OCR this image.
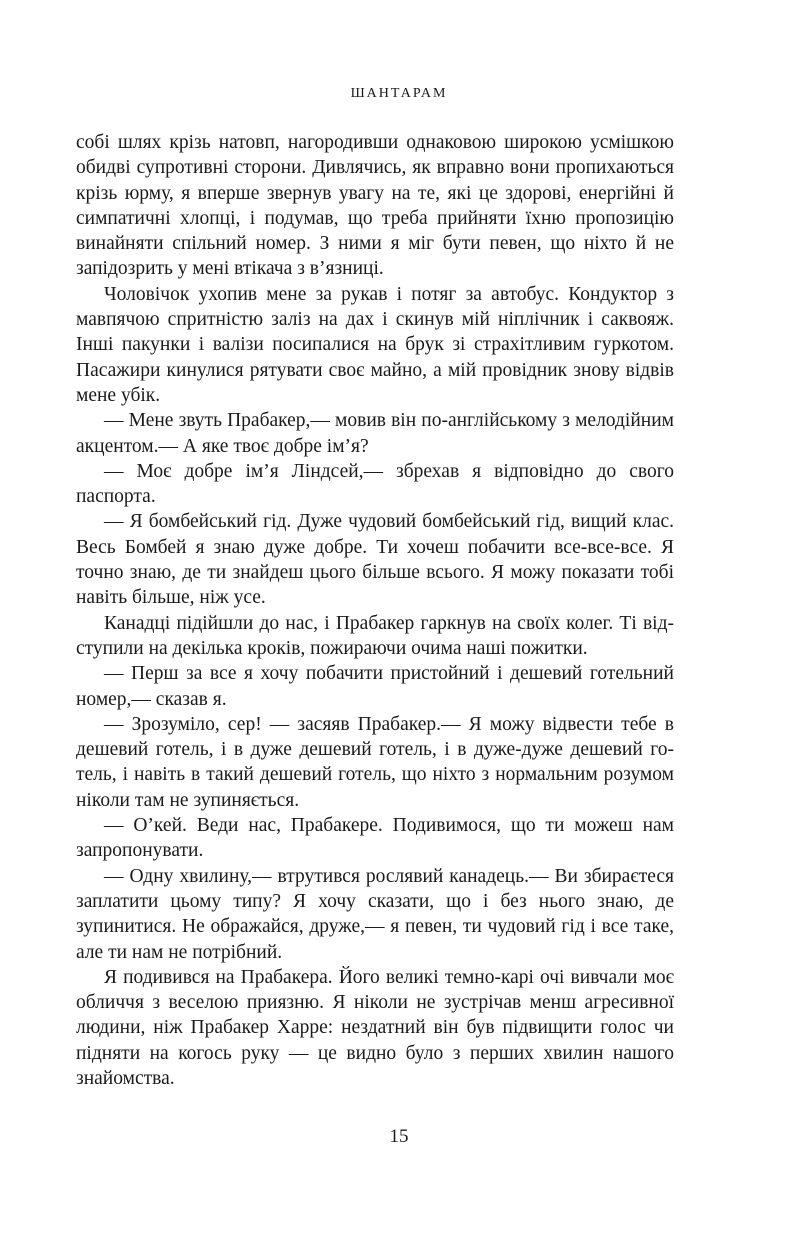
ШАНТАРАМ

собі шлях крізь натовп, нагородивши однаковою широкою усмішкою обидві супротивні сторони. Дивлячись, як вправно вони пропихаються крізь юрму, я вперше звернув увагу на те, які це здорові, енергійні й симпатичні хлопці, і подумав, що треба прийняти їхню пропозицію винайняти спільний номер. З ними я міг бути певен, що ніхто й не запідозрить у мені втікача з в’язниці.

Чоловічок ухопив мене за рукав і потяг за автобус. Кондуктор з мавпячою спритністю заліз на дах і скинув мій ніплічник і саквояж. Інші пакунки і валізи посипалися на брук зі страхітливим гуркотом. Пасажири кинулися рятувати своє майно, а мій провідник знову відвів мене убік.

— Мене звуть Прабакер,— мовив він по-англійському з мелодійним акцентом.— А яке твоє добре ім’я?

— Моє добре ім’я Ліндсей,— збрехав я відповідно до свого паспорта.

— Я бомбейський гід. Дуже чудовий бомбейський гід, вищий клас. Весь Бомбей я знаю дуже добре. Ти хочеш побачити все-все-все. Я точно знаю, де ти знайдеш цього більше всього. Я можу показати тобі навіть більше, ніж усе.

Канадці підійшли до нас, і Прабакер гаркнув на своїх колег. Ті відступили на декілька кроків, пожираючи очима наші пожитки.

— Перш за все я хочу побачити пристойний і дешевий готельний номер,— сказав я.

— Зрозуміло, сер! — засяяв Прабакер.— Я можу відвести тебе в дешевий готель, і в дуже дешевий готель, і в дуже-дуже дешевий готель, і навіть в такий дешевий готель, що ніхто з нормальним розумом ніколи там не зупиняється.

— О’кей. Веди нас, Прабакере. Подивимося, що ти можеш нам запропонувати.

— Одну хвилину,— втрутився рослявий канадець.— Ви збираєтеся заплатити цьому типу? Я хочу сказати, що і без нього знаю, де зупинитися. Не ображайся, друже,— я певен, ти чудовий гід і все таке, але ти нам не потрібний.

Я подивився на Прабакера. Його великі темно-карі очі вивчали моє обличчя з веселою приязню. Я ніколи не зустрічав менш агресивної людини, ніж Прабакер Харре: нездатний він був підвищити голос чи підняти на когось руку — це видно було з перших хвилин нашого знайомства.

15
